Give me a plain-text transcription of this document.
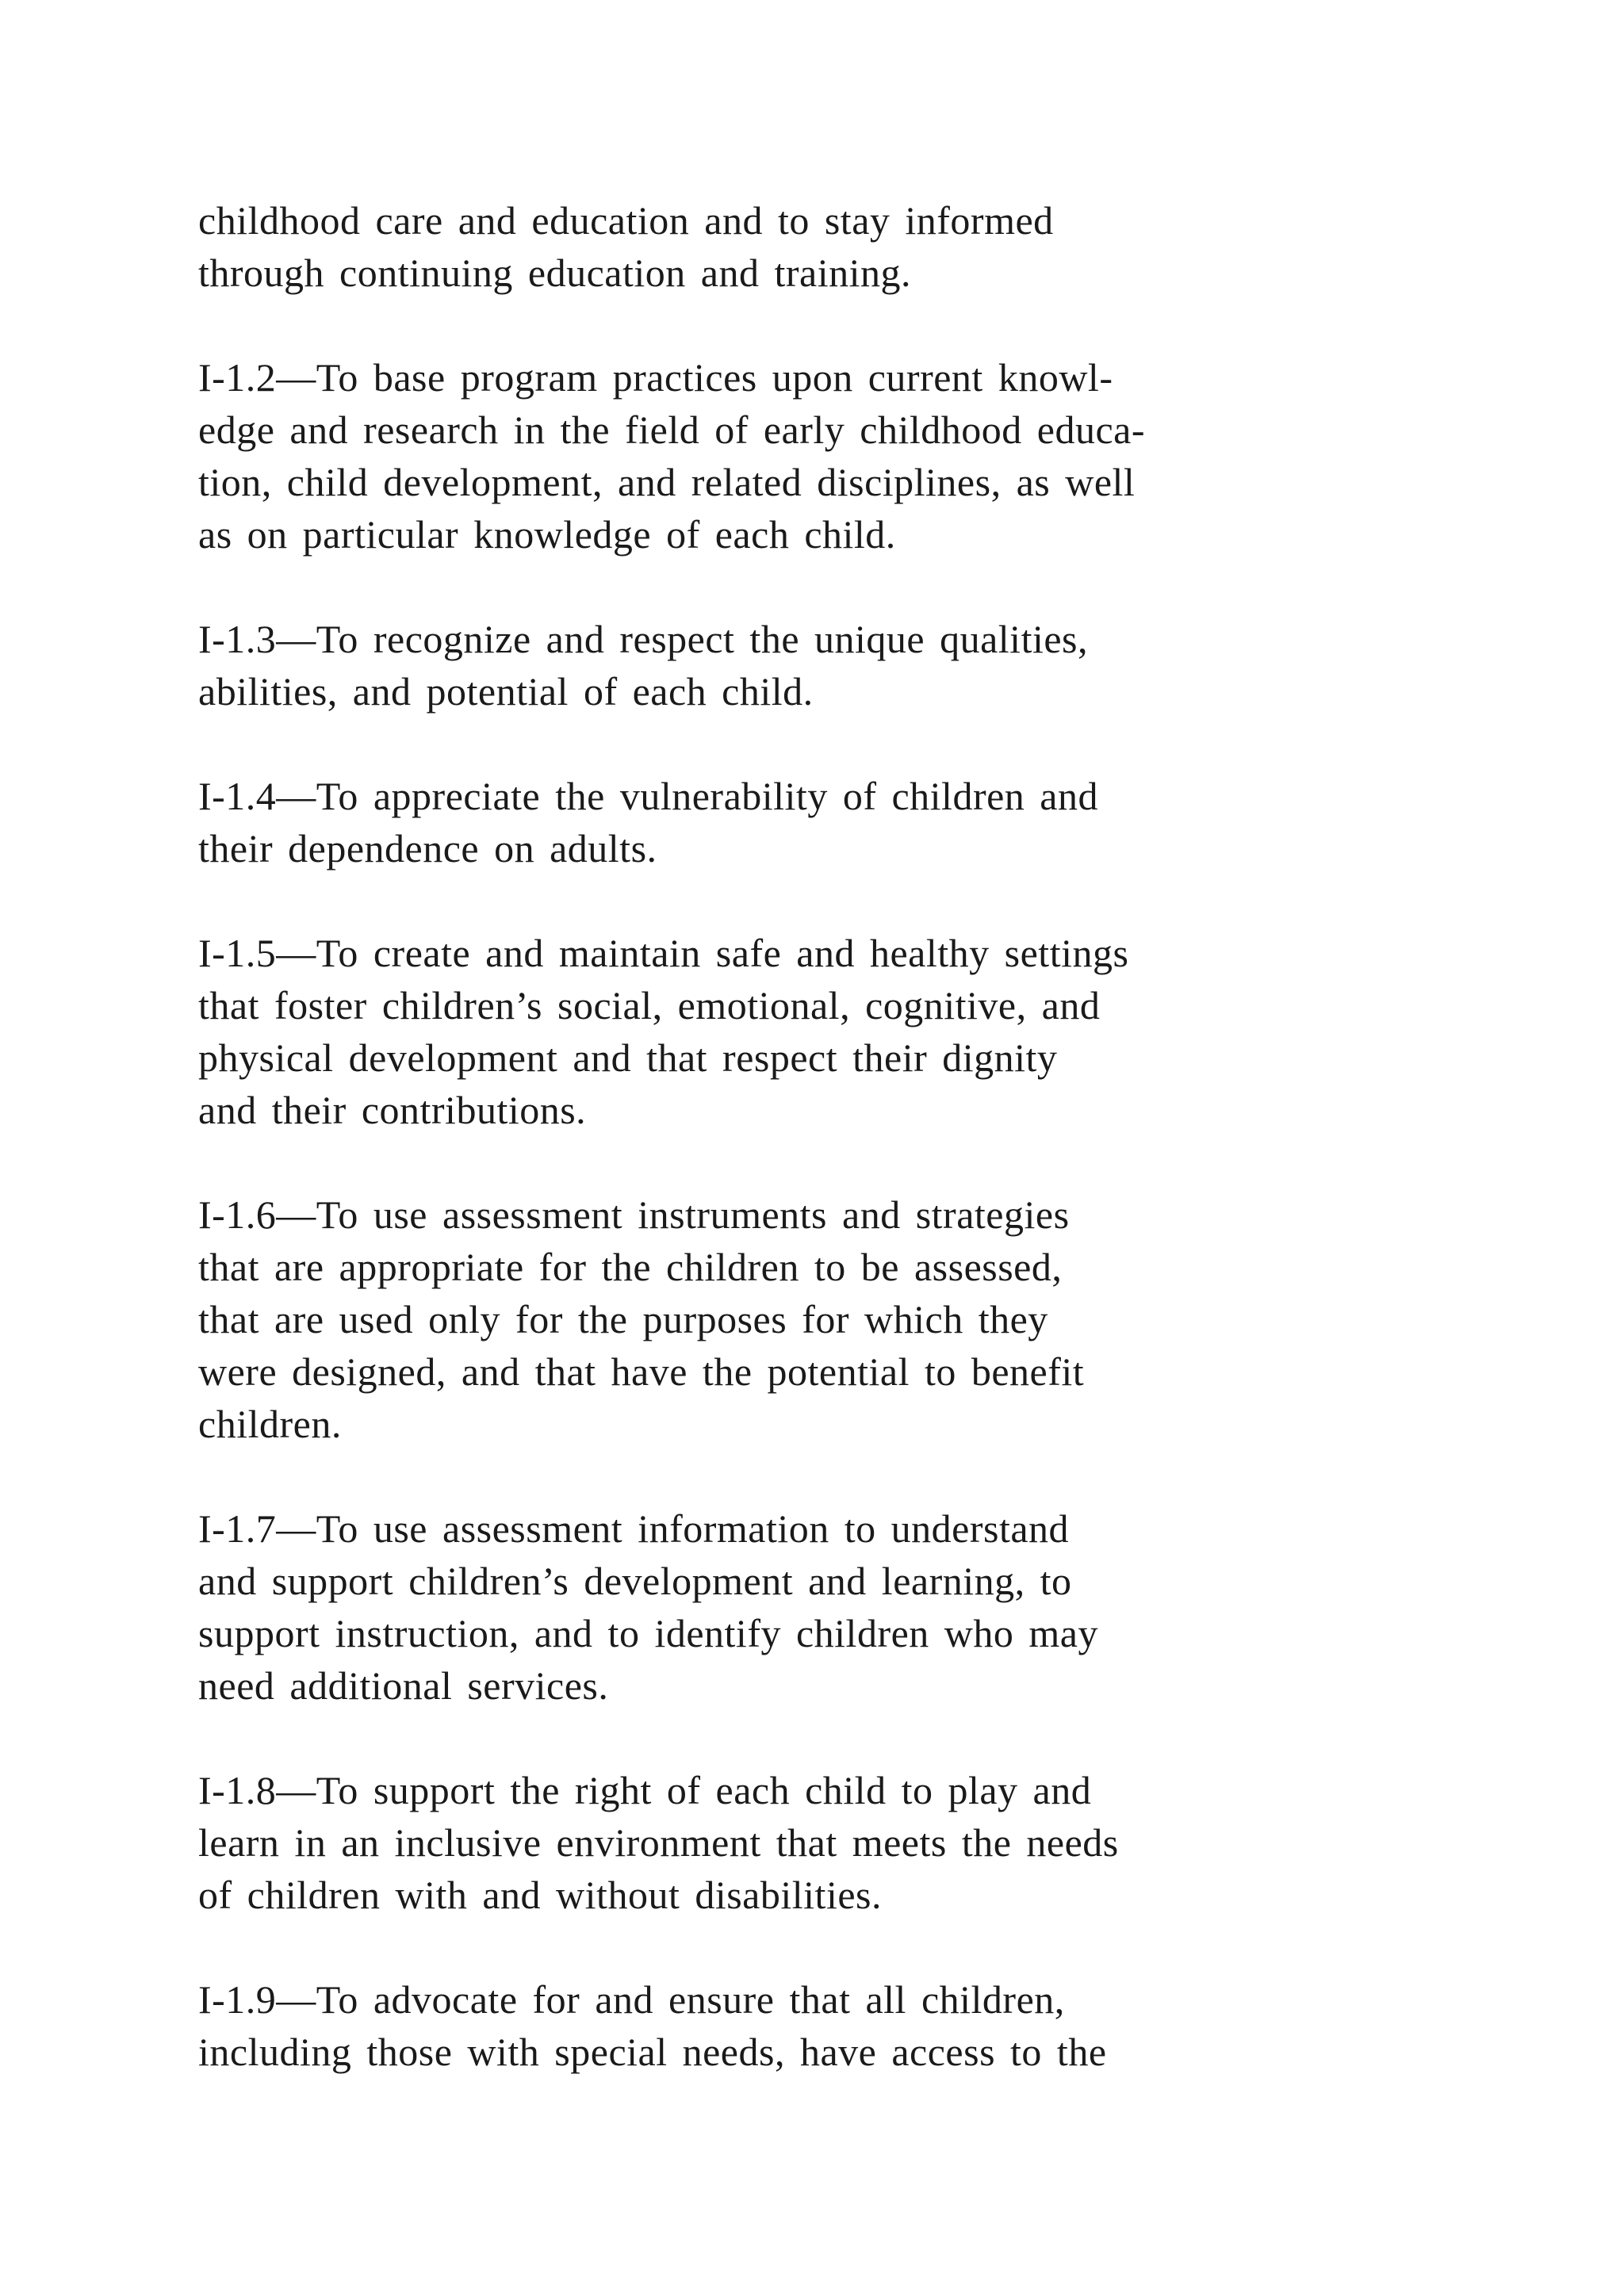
childhood care and education and to stay informed
through continuing education and training.
I-1.2—To base program practices upon current knowl-
edge and research in the field of early childhood educa-
tion, child development, and related disciplines, as well
as on particular knowledge of each child.
I-1.3—To recognize and respect the unique qualities,
abilities, and potential of each child.
I-1.4—To appreciate the vulnerability of children and
their dependence on adults.
I-1.5—To create and maintain safe and healthy settings
that foster children’s social, emotional, cognitive, and
physical development and that respect their dignity
and their contributions.
I-1.6—To use assessment instruments and strategies
that are appropriate for the children to be assessed,
that are used only for the purposes for which they
were designed, and that have the potential to benefit
children.
I-1.7—To use assessment information to understand
and support children’s development and learning, to
support instruction, and to identify children who may
need additional services.
I-1.8—To support the right of each child to play and
learn in an inclusive environment that meets the needs
of children with and without disabilities.
I-1.9—To advocate for and ensure that all children,
including those with special needs, have access to the
